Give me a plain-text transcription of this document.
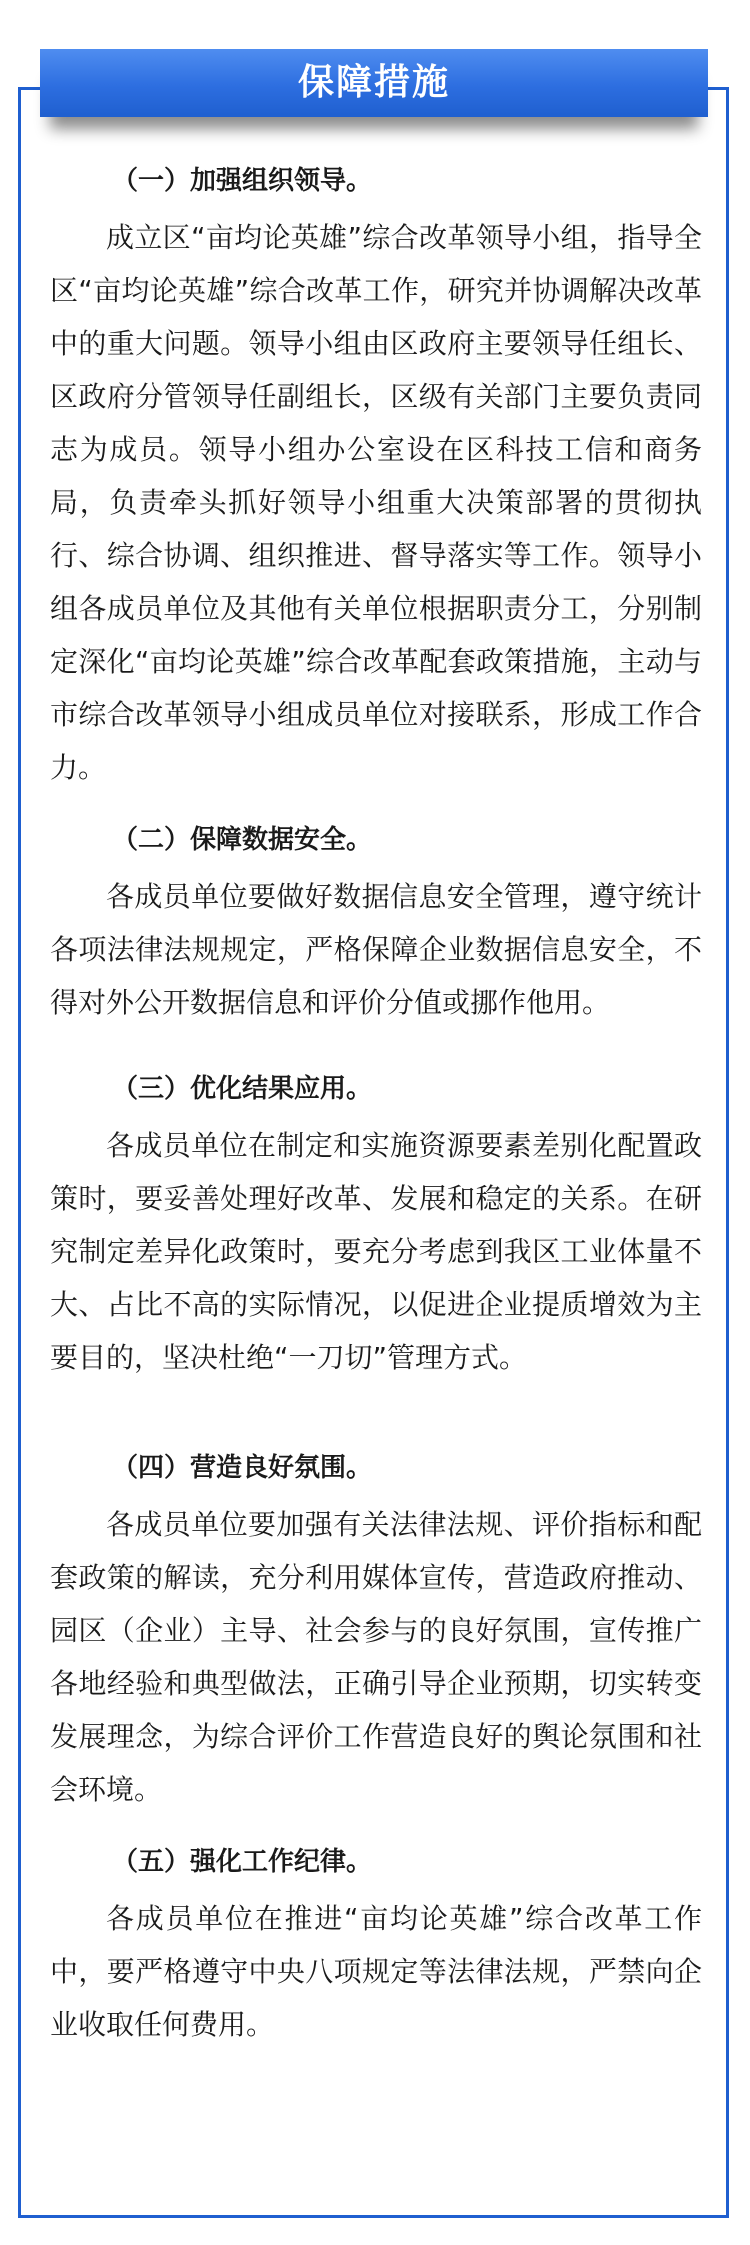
保障措施
（一）加强组织领导。

成立区“亩均论英雄”综合改革领导小组，指导全区“亩均论英雄”综合改革工作，研究并协调解决改革中的重大问题。领导小组由区政府主要领导任组长、区政府分管领导任副组长，区级有关部门主要负责同志为成员。领导小组办公室设在区科技工信和商务局，负责牵头抓好领导小组重大决策部署的贯彻执行、综合协调、组织推进、督导落实等工作。领导小组各成员单位及其他有关单位根据职责分工，分别制定深化“亩均论英雄”综合改革配套政策措施，主动与市综合改革领导小组成员单位对接联系，形成工作合力。

（二）保障数据安全。

各成员单位要做好数据信息安全管理，遵守统计各项法律法规规定，严格保障企业数据信息安全，不得对外公开数据信息和评价分值或挪作他用。

（三）优化结果应用。

各成员单位在制定和实施资源要素差别化配置政策时，要妥善处理好改革、发展和稳定的关系。在研究制定差异化政策时，要充分考虑到我区工业体量不大、占比不高的实际情况，以促进企业提质增效为主要目的，坚决杜绝“一刀切”管理方式。

（四）营造良好氛围。

各成员单位要加强有关法律法规、评价指标和配套政策的解读，充分利用媒体宣传，营造政府推动、园区（企业）主导、社会参与的良好氛围，宣传推广各地经验和典型做法，正确引导企业预期，切实转变发展理念，为综合评价工作营造良好的舆论氛围和社会环境。

（五）强化工作纪律。

各成员单位在推进“亩均论英雄”综合改革工作中，要严格遵守中央八项规定等法律法规，严禁向企业收取任何费用。
